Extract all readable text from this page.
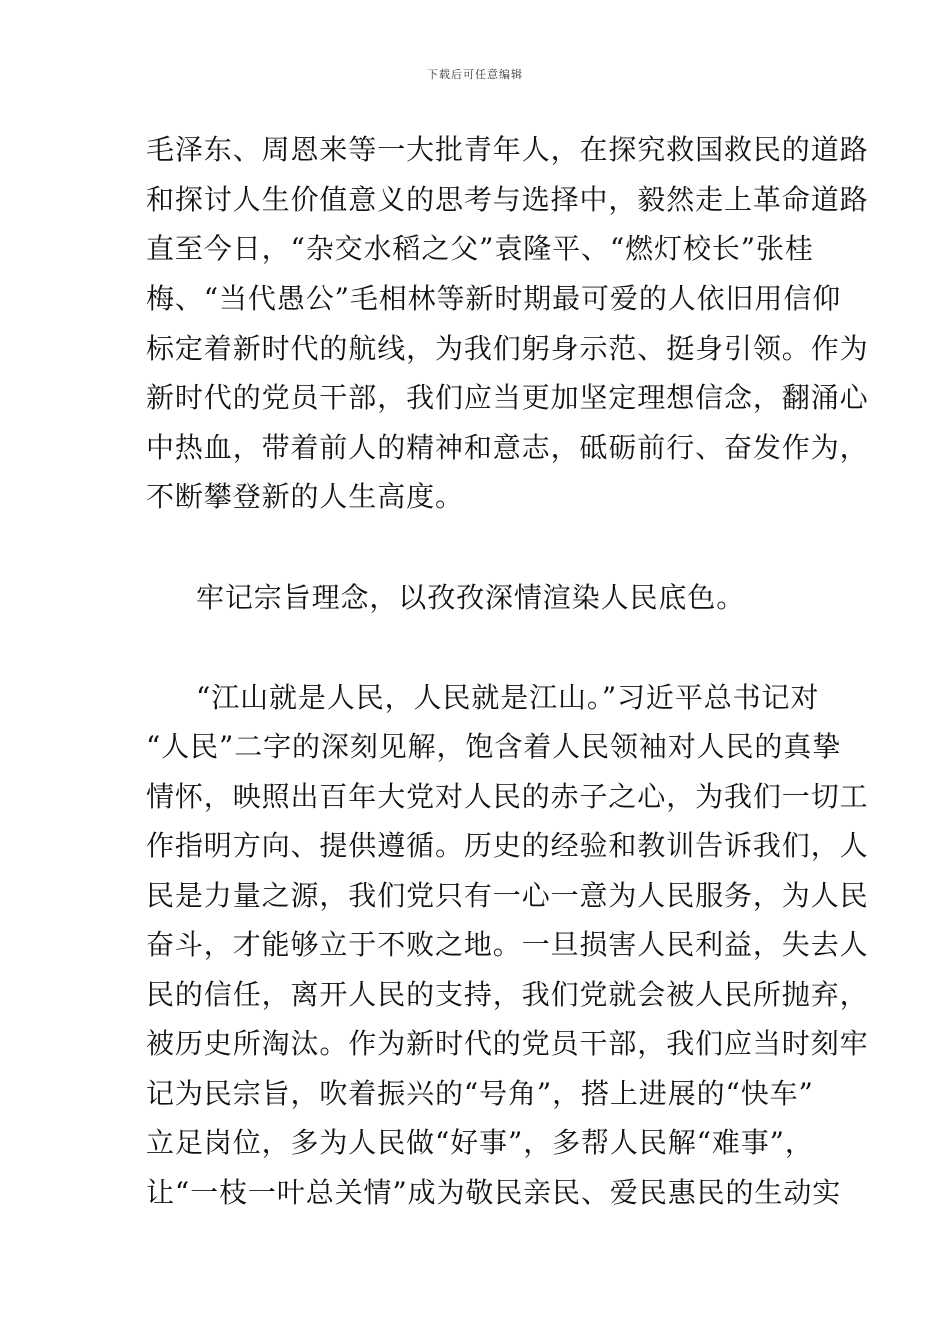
下载后可任意编辑
毛泽东、周恩来等一大批青年人，在探究救国救民的道路
和探讨人生价值意义的思考与选择中，毅然走上革命道路
直至今日，“杂交水稻之父”袁隆平、“燃灯校长”张桂
梅、“当代愚公”毛相林等新时期最可爱的人依旧用信仰
标定着新时代的航线，为我们躬身示范、挺身引领。作为
新时代的党员干部，我们应当更加坚定理想信念，翻涌心
中热血，带着前人的精神和意志，砥砺前行、奋发作为，
不断攀登新的人生高度。
牢记宗旨理念，以孜孜深情渲染人民底色。
“江山就是人民，人民就是江山。”习近平总书记对
“人民”二字的深刻见解，饱含着人民领袖对人民的真挚
情怀，映照出百年大党对人民的赤子之心，为我们一切工
作指明方向、提供遵循。历史的经验和教训告诉我们，人
民是力量之源，我们党只有一心一意为人民服务，为人民
奋斗，才能够立于不败之地。一旦损害人民利益，失去人
民的信任，离开人民的支持，我们党就会被人民所抛弃，
被历史所淘汰。作为新时代的党员干部，我们应当时刻牢
记为民宗旨，吹着振兴的“号角”，搭上进展的“快车”
立足岗位，多为人民做“好事”，多帮人民解“难事”，
让“一枝一叶总关情”成为敬民亲民、爱民惠民的生动实
